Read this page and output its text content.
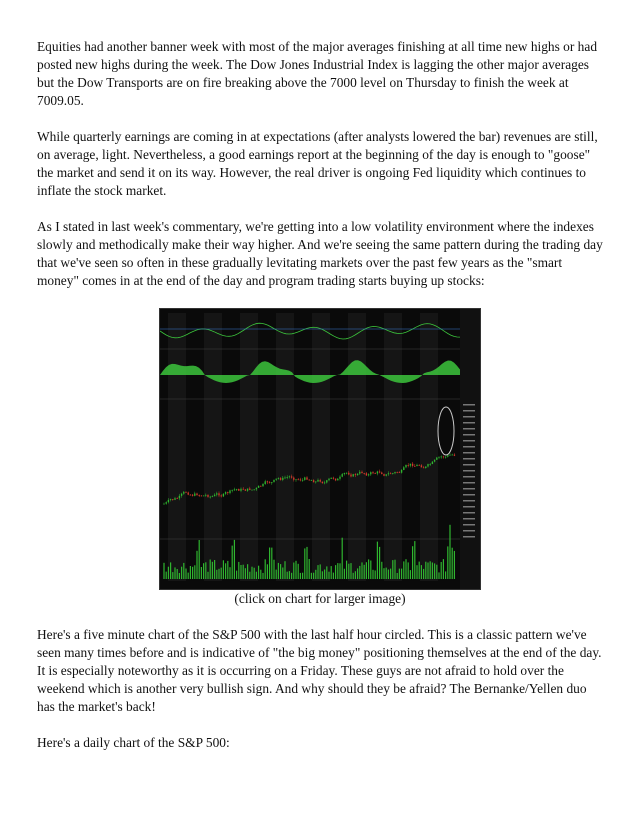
Equities had another banner week with most of the major averages finishing at all time new highs or had posted new highs during the week. The Dow Jones Industrial Index is lagging the other major averages but the Dow Transports are on fire breaking above the 7000 level on Thursday to finish the week at 7009.05.

While quarterly earnings are coming in at expectations (after analysts lowered the bar) revenues are still, on average, light. Nevertheless, a good earnings report at the beginning of the day is enough to "goose" the market and send it on its way. However, the real driver is ongoing Fed liquidity which continues to inflate the stock market.

As I stated in last week's commentary, we're getting into a low volatility environment where the indexes slowly and methodically make their way higher. And we're seeing the same pattern during the trading day that we've seen so often in these gradually levitating markets over the past few years as the "smart money" comes in at the end of the day and program trading starts buying up stocks:

(click on chart for larger image)

Here's a five minute chart of the S&P 500 with the last half hour circled. This is a classic pattern we've seen many times before and is indicative of "the big money" positioning themselves at the end of the day. It is especially noteworthy as it is occurring on a Friday. These guys are not afraid to hold over the weekend which is another very bullish sign. And why should they be afraid? The Bernanke/Yellen duo has the market's back!

Here's a daily chart of the S&P 500:
